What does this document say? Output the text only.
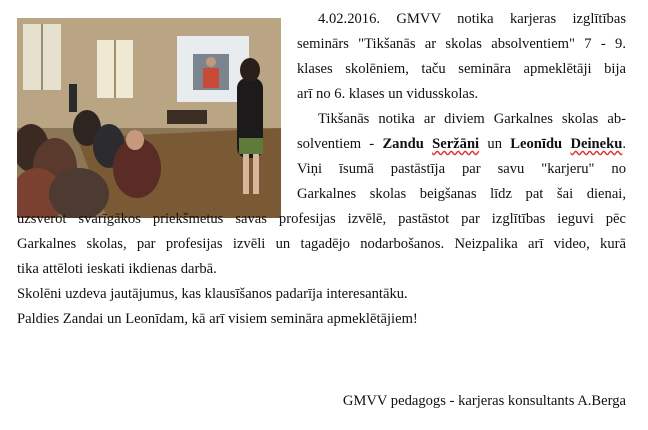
4.02.2016. GMVV notika karjeras izglītības
seminārs "Tikšanās ar skolas absolventiem" 7 - 9.
klases skolēniem, taču semināra apmeklētāji bija
arī no 6. klases un vidusskolas.
Tikšanās notika ar diviem Garkalnes skolas ab-
solventiem - Zandu Seržāni un Leonīdu Deineku.
Viņi īsumā pastāstīja par savu "karjeru" no
Garkalnes skolas beigšanas līdz pat šai dienai,
uzsverot svarīgākos priekšmetus savas profesijas izvēlē, pastāstot par izglītības ieguvi pēc
Garkalnes skolas, par profesijas izvēli un tagadējo nodarbošanos. Neizpalika arī video, kurā
tika attēloti ieskati ikdienas darbā.
Skolēni uzdeva jautājumus, kas klausīšanos padarīja interesantāku.
Paldies Zandai un Leonīdam, kā arī visiem semināra apmeklētājiem!
GMVV pedagogs - karjeras konsultants A.Berga
